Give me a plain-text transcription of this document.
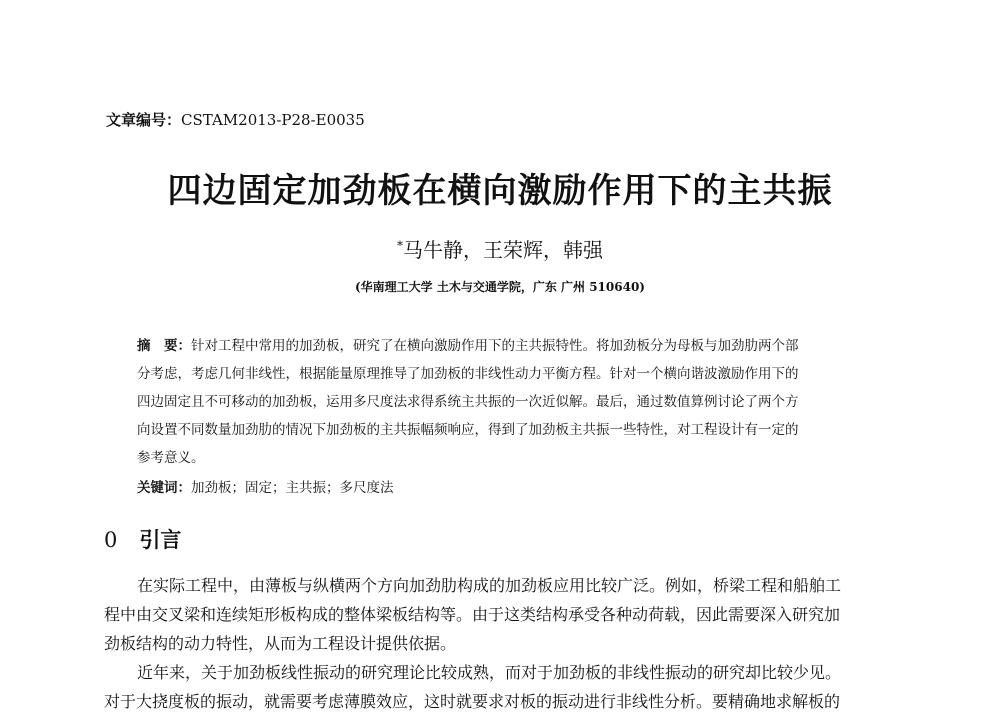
文章编号：CSTAM2013-P28-E0035
四边固定加劲板在横向激励作用下的主共振
*马牛静，王荣辉，韩强
(华南理工大学 土木与交通学院，广东 广州 510640)
摘　要：针对工程中常用的加劲板，研究了在横向激励作用下的主共振特性。将加劲板分为母板与加劲肋两个部
分考虑，考虑几何非线性，根据能量原理推导了加劲板的非线性动力平衡方程。针对一个横向谐波激励作用下的
四边固定且不可移动的加劲板，运用多尺度法求得系统主共振的一次近似解。最后，通过数值算例讨论了两个方
向设置不同数量加劲肋的情况下加劲板的主共振幅频响应，得到了加劲板主共振一些特性，对工程设计有一定的
参考意义。
关键词：加劲板；固定；主共振；多尺度法
0 引言
在实际工程中，由薄板与纵横两个方向加劲肋构成的加劲板应用比较广泛。例如，桥梁工程和船舶工
程中由交叉梁和连续矩形板构成的整体梁板结构等。由于这类结构承受各种动荷载，因此需要深入研究加
劲板结构的动力特性，从而为工程设计提供依据。
近年来，关于加劲板线性振动的研究理论比较成熟，而对于加劲板的非线性振动的研究却比较少见。
对于大挠度板的振动，就需要考虑薄膜效应，这时就要求对板的振动进行非线性分析。要精确地求解板的
